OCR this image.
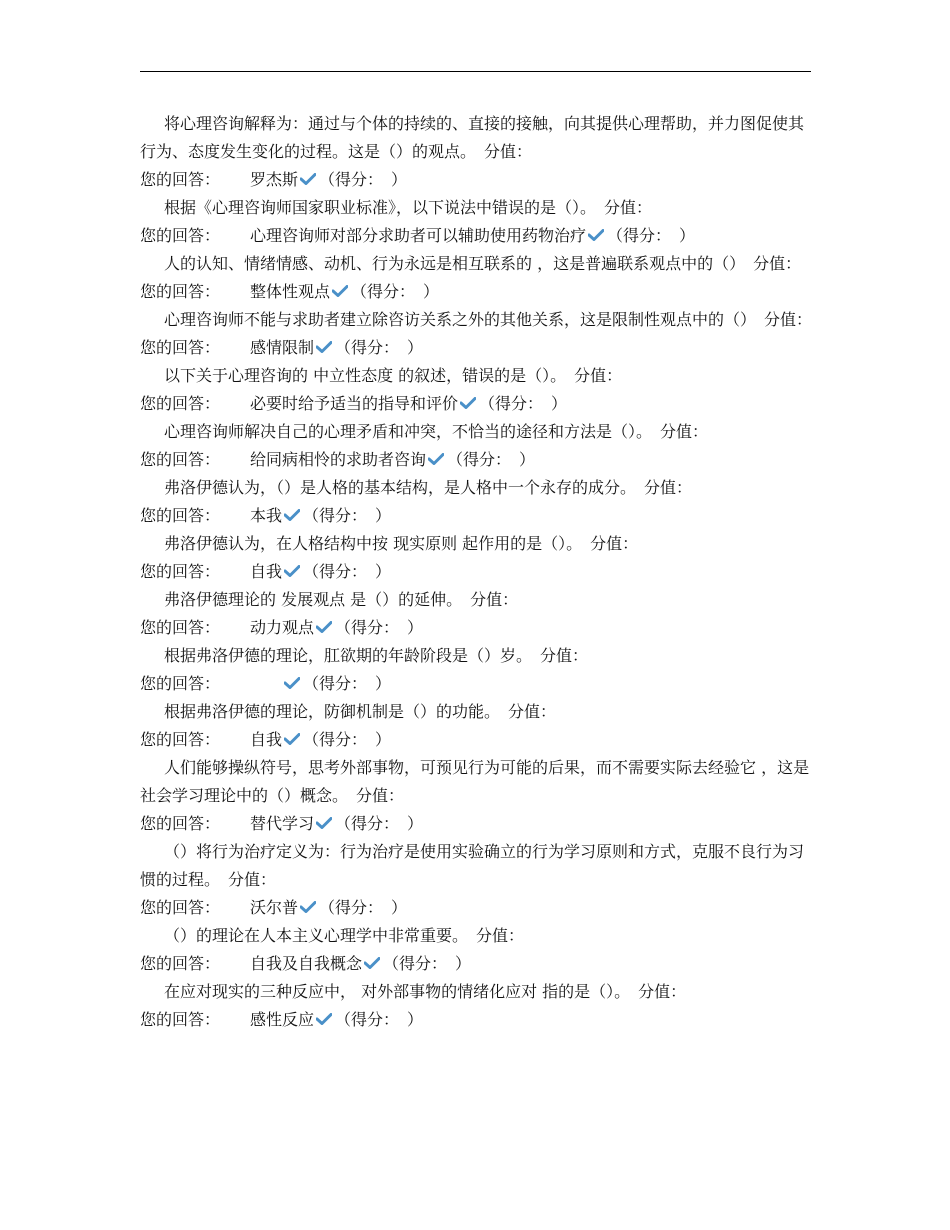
将心理咨询解释为：通过与个体的持续的、直接的接触，向其提供心理帮助，并力图促使其行为、态度发生变化的过程。这是（）的观点。　分值：

您的回答： 罗杰斯 （得分：　）

根据《心理咨询师国家职业标准》，以下说法中错误的是（）。　分值：

您的回答： 心理咨询师对部分求助者可以辅助使用药物治疗 （得分：　）

人的认知、情绪情感、动机、行为永远是相互联系的 ，这是普遍联系观点中的（）　分值：

您的回答： 整体性观点 （得分：　）

心理咨询师不能与求助者建立除咨访关系之外的其他关系，这是限制性观点中的（）　分值：

您的回答： 感情限制 （得分：　）

以下关于心理咨询的 中立性态度 的叙述，错误的是（）。　分值：

您的回答： 必要时给予适当的指导和评价 （得分：　）

心理咨询师解决自己的心理矛盾和冲突，不恰当的途径和方法是（）。　分值：

您的回答： 给同病相怜的求助者咨询 （得分：　）

弗洛伊德认为，（）是人格的基本结构，是人格中一个永存的成分。　分值：

您的回答： 本我 （得分：　）

弗洛伊德认为，在人格结构中按 现实原则 起作用的是（）。　分值：

您的回答： 自我 （得分：　）

弗洛伊德理论的 发展观点 是（）的延伸。　分值：

您的回答： 动力观点 （得分：　）

根据弗洛伊德的理论，肛欲期的年龄阶段是（）岁。　分值：

您的回答：	（得分：　）

根据弗洛伊德的理论，防御机制是（）的功能。　分值：

您的回答： 自我 （得分：　）

人们能够操纵符号，思考外部事物，可预见行为可能的后果，而不需要实际去经验它 ，这是社会学习理论中的（）概念。　分值：

您的回答： 替代学习 （得分：　）

（）将行为治疗定义为：行为治疗是使用实验确立的行为学习原则和方式，克服不良行为习惯的过程。　分值：

您的回答： 沃尔普 （得分：　）

（）的理论在人本主义心理学中非常重要。　分值：

您的回答： 自我及自我概念 （得分：　）

在应对现实的三种反应中， 对外部事物的情绪化应对 指的是（）。　分值：

您的回答： 感性反应 （得分：　）
